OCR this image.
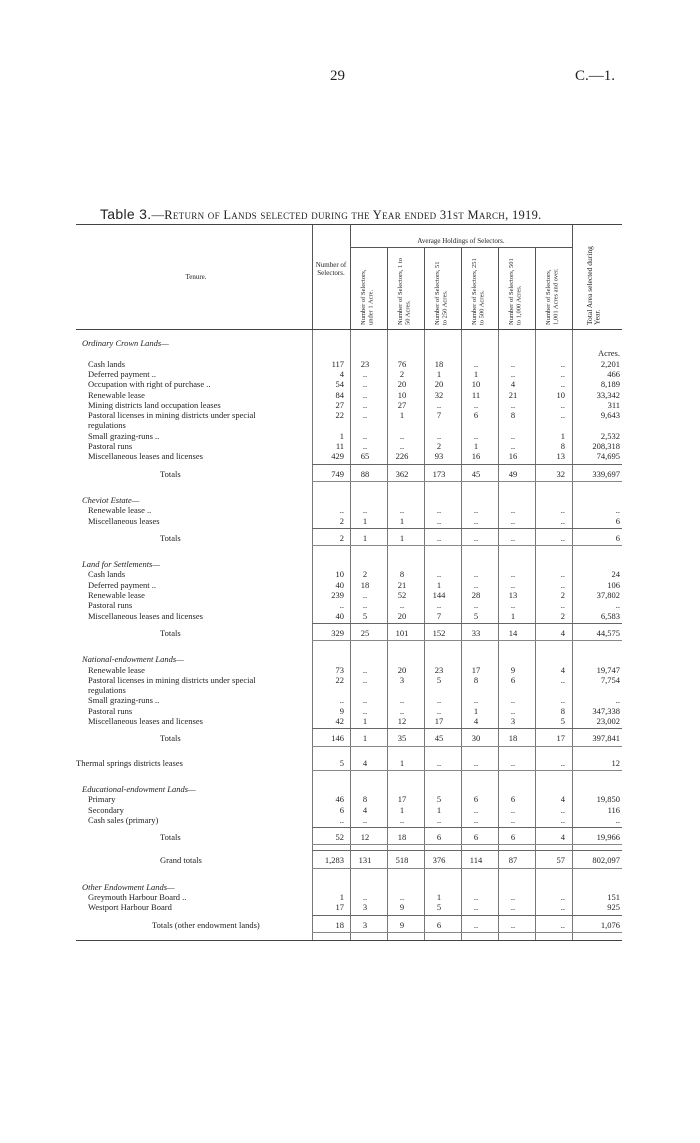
29	C.—1.
Table 3.—Return of Lands selected during the Year ended 31st March, 1919.
Tenure.
Number of Selectors.
Average Holdings of Selectors.
Number of Selectors, under 1 Acre.	Number of Selectors, 1 to 50 Acres.	Number of Selectors, 51 to 250 Acres.	Number of Selectors, 251 to 500 Acres.	Number of Selectors, 501 to 1,000 Acres.	Number of Selectors, 1,001 Acres and over.	Total Area selected during Year.
Ordinary Crown Lands—
Acres.
Cash lands	117	23	76	18	..	..	..	2,201
Deferred payment ..	4	..	2	1	1	..	..	466
Occupation with right of purchase ..	54	..	20	20	10	4	..	8,189
Renewable lease	84	..	10	32	11	21	10	33,342
Mining districts land occupation leases	27	..	27	..	..	..	..	311
Pastoral licenses in mining districts under special	22	..	1	7	6	8	..	9,643
regulations
Small grazing-runs ..	1	..	..	..	..	..	1	2,532
Pastoral runs	11	..	..	2	1	..	8	208,318
Miscellaneous leases and licenses	429	65	226	93	16	16	13	74,695
Totals	749	88	362	173	45	49	32	339,697
Cheviot Estate—
Renewable lease ..	..	..	..	..	..	..	..	..
Miscellaneous leases	2	1	1	..	..	..	..	6
Totals	2	1	1	..	..	..	..	6
Land for Settlements—
Cash lands	10	2	8	..	..	..	..	24
Deferred payment ..	40	18	21	1	..	..	..	106
Renewable lease	239	..	52	144	28	13	2	37,802
Pastoral runs	..	..	..	..	..	..	..	..
Miscellaneous leases and licenses	40	5	20	7	5	1	2	6,583
Totals	329	25	101	152	33	14	4	44,575
National-endowment Lands—
Renewable lease	73	..	20	23	17	9	4	19,747
Pastoral licenses in mining districts under special	22	..	3	5	8	6	..	7,754
regulations
Small grazing-runs ..	..	..	..	..	..	..	..	..
Pastoral runs	9	..	..	..	1	..	8	347,338
Miscellaneous leases and licenses	42	1	12	17	4	3	5	23,002
Totals	146	1	35	45	30	18	17	397,841
Thermal springs districts leases	5	4	1	..	..	..	..	12
Educational-endowment Lands—
Primary	46	8	17	5	6	6	4	19,850
Secondary	6	4	1	1	..	..	..	116
Cash sales (primary)	..	..	..	..	..	..	..	..
Totals	52	12	18	6	6	6	4	19,966
Grand totals	1,283	131	518	376	114	87	57	802,097
Other Endowment Lands—
Greymouth Harbour Board ..	1	..	..	1	..	..	..	151
Westport Harbour Board	17	3	9	5	..	..	..	925
Totals (other endowment lands)	18	3	9	6	..	..	..	1,076
